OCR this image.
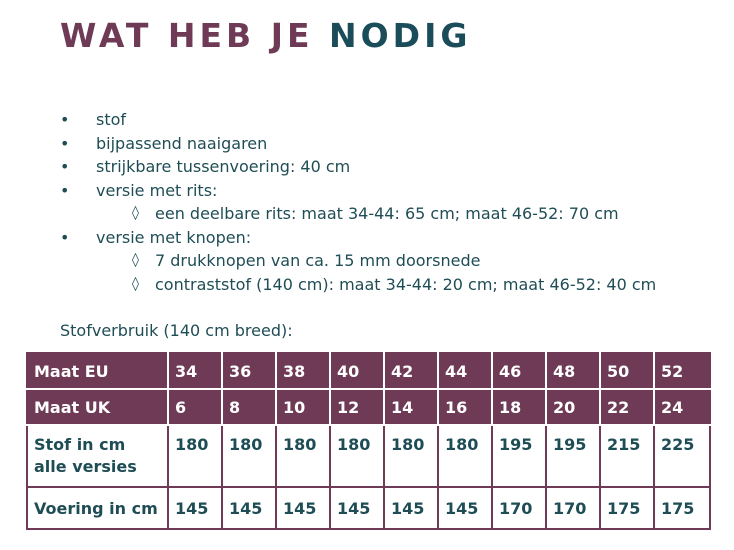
WAT HEB JE NODIG
• stof
• bijpassend naaigaren
• strijkbare tussenvoering: 40 cm
• versie met rits:
◊ een deelbare rits: maat 34-44: 65 cm; maat 46-52: 70 cm
• versie met knopen:
◊ 7 drukknopen van ca. 15 mm doorsnede
◊ contraststof (140 cm): maat 34-44: 20 cm; maat 46-52: 40 cm

Stofverbruik (140 cm breed):

Maat EU	34	36	38	40	42	44	46	48	50	52
Maat UK	6	8	10	12	14	16	18	20	22	24
Stof in cm
alle versies	180	180	180	180	180	180	195	195	215	225
Voering in cm	145	145	145	145	145	145	170	170	175	175
